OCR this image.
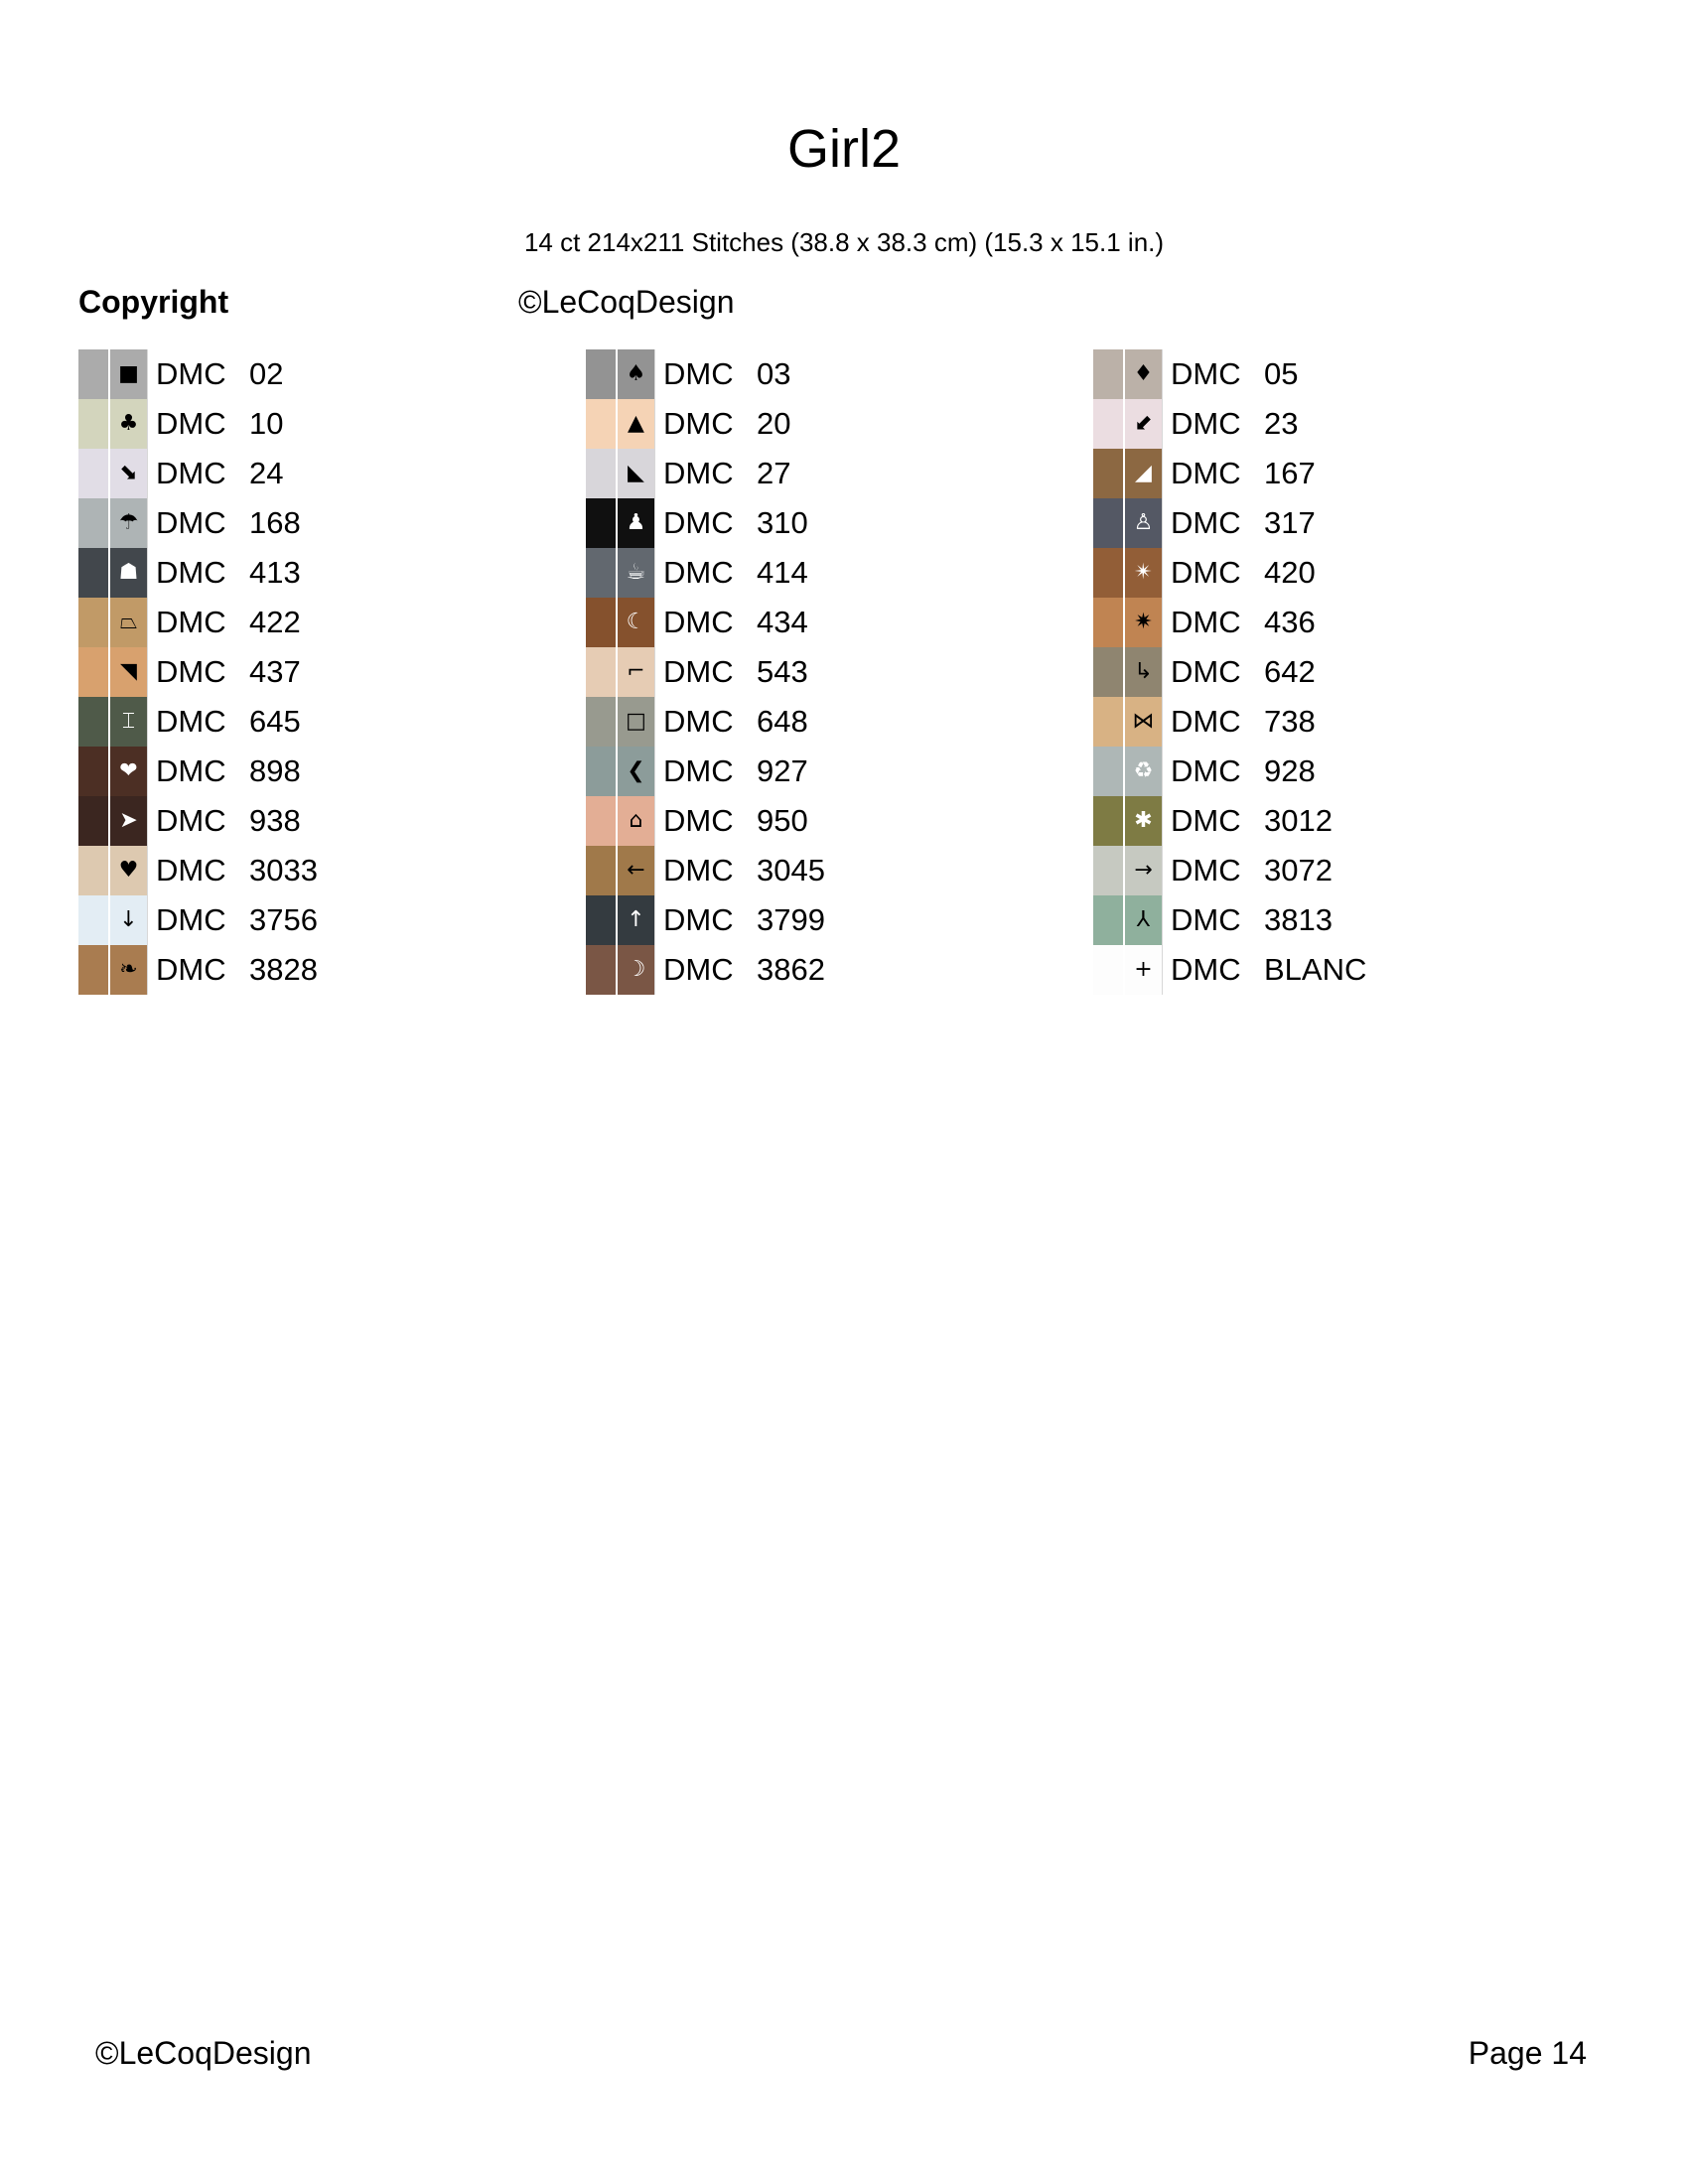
Girl2
14 ct 214x211 Stitches (38.8 x 38.3 cm) (15.3 x 15.1 in.)
Copyright	©LeCoqDesign
■ DMC 02
♣ DMC 10
⬊ DMC 24
☂ DMC 168
☗ DMC 413
⏢ DMC 422
◥ DMC 437
⌶ DMC 645
❤ DMC 898
➤ DMC 938
♥ DMC 3033
↓ DMC 3756
❧ DMC 3828
♠ DMC 03
▲ DMC 20
◣ DMC 27
♟ DMC 310
☕ DMC 414
☾ DMC 434
⌐ DMC 543
□ DMC 648
❮ DMC 927
⌂ DMC 950
← DMC 3045
↑ DMC 3799
☽ DMC 3862
♦ DMC 05
⬋ DMC 23
◢ DMC 167
♙ DMC 317
✴ DMC 420
✷ DMC 436
↳ DMC 642
⋈ DMC 738
♻ DMC 928
✱ DMC 3012
→ DMC 3072
⅄ DMC 3813
+ DMC BLANC
©LeCoqDesign	Page 14
